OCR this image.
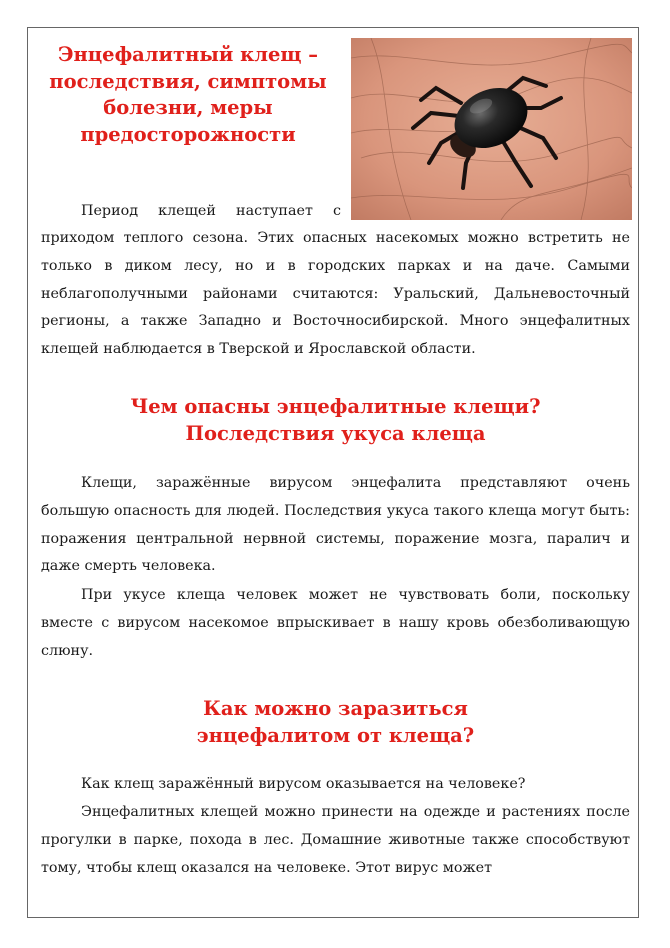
Энцефалитный клещ – последствия, симптомы болезни, меры предосторожности

Период клещей наступает с

приходом теплого сезона. Этих опасных насекомых можно встретить не только в диком лесу, но и в городских парках и на даче. Самыми неблагополучными районами считаются: Уральский, Дальневосточный регионы, а также Западно и Восточносибирской. Много энцефалитных клещей наблюдается в Тверской и Ярославской области.

Чем опасны энцефалитные клещи?
Последствия укуса клеща

Клещи, заражённые вирусом энцефалита представляют очень большую опасность для людей. Последствия укуса такого клеща могут быть: поражения центральной нервной системы, поражение мозга, паралич и даже смерть человека.

При укусе клеща человек может не чувствовать боли, поскольку вместе с вирусом насекомое впрыскивает в нашу кровь обезболивающую слюну.

Как можно заразиться
энцефалитом от клеща?

Как клещ заражённый вирусом оказывается на человеке?

Энцефалитных клещей можно принести на одежде и растениях после прогулки в парке, похода в лес. Домашние животные также способствуют тому, чтобы клещ оказался на человеке. Этот вирус может
